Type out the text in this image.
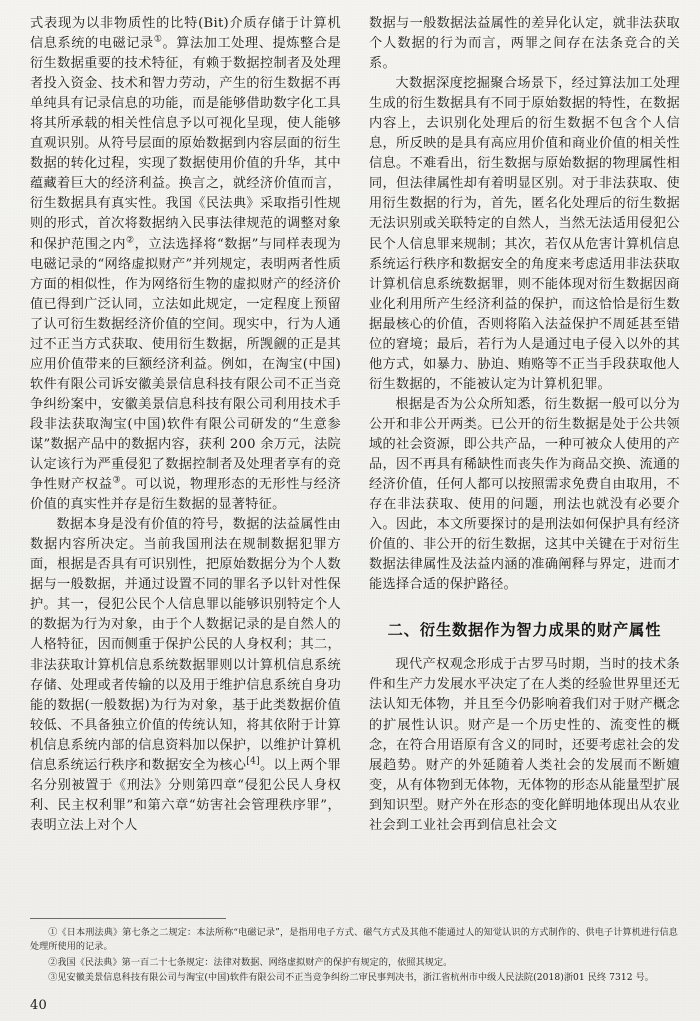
式表现为以非物质性的比特(Bit)介质存储于计算机信息系统的电磁记录①。算法加工处理、提炼整合是衍生数据重要的技术特征，有赖于数据控制者及处理者投入资金、技术和智力劳动，产生的衍生数据不再单纯具有记录信息的功能，而是能够借助数字化工具将其所承载的相关性信息予以可视化呈现，使人能够直观识别。从符号层面的原始数据到内容层面的衍生数据的转化过程，实现了数据使用价值的升华，其中蕴藏着巨大的经济利益。换言之，就经济价值而言，衍生数据具有真实性。我国《民法典》采取指引性规则的形式，首次将数据纳入民事法律规范的调整对象和保护范围之内②，立法选择将“数据”与同样表现为电磁记录的“网络虚拟财产”并列规定，表明两者性质方面的相似性，作为网络衍生物的虚拟财产的经济价值已得到广泛认同，立法如此规定，一定程度上预留了认可衍生数据经济价值的空间。现实中，行为人通过不正当方式获取、使用衍生数据，所觊觎的正是其应用价值带来的巨额经济利益。例如，在淘宝(中国)软件有限公司诉安徽美景信息科技有限公司不正当竞争纠纷案中，安徽美景信息科技有限公司利用技术手段非法获取淘宝(中国)软件有限公司研发的“生意参谋”数据产品中的数据内容，获利 200 余万元，法院认定该行为严重侵犯了数据控制者及处理者享有的竞争性财产权益③。可以说，物理形态的无形性与经济价值的真实性并存是衍生数据的显著特征。

数据本身是没有价值的符号，数据的法益属性由数据内容所决定。当前我国刑法在规制数据犯罪方面，根据是否具有可识别性，把原始数据分为个人数据与一般数据，并通过设置不同的罪名予以针对性保护。其一，侵犯公民个人信息罪以能够识别特定个人的数据为行为对象，由于个人数据记录的是自然人的人格特征，因而侧重于保护公民的人身权利；其二，非法获取计算机信息系统数据罪则以计算机信息系统存储、处理或者传输的以及用于维护信息系统自身功能的数据(一般数据)为行为对象，基于此类数据价值较低、不具备独立价值的传统认知，将其依附于计算机信息系统内部的信息资料加以保护，以维护计算机信息系统运行秩序和数据安全为核心[4]。以上两个罪名分别被置于《刑法》分则第四章“侵犯公民人身权利、民主权利罪”和第六章“妨害社会管理秩序罪”，表明立法上对个人

数据与一般数据法益属性的差异化认定，就非法获取个人数据的行为而言，两罪之间存在法条竞合的关系。

大数据深度挖掘聚合场景下，经过算法加工处理生成的衍生数据具有不同于原始数据的特性，在数据内容上，去识别化处理后的衍生数据不包含个人信息，所反映的是具有高应用价值和商业价值的相关性信息。不难看出，衍生数据与原始数据的物理属性相同，但法律属性却有着明显区别。对于非法获取、使用衍生数据的行为，首先，匿名化处理后的衍生数据无法识别或关联特定的自然人，当然无法适用侵犯公民个人信息罪来规制；其次，若仅从危害计算机信息系统运行秩序和数据安全的角度来考虑适用非法获取计算机信息系统数据罪，则不能体现对衍生数据因商业化利用所产生经济利益的保护，而这恰恰是衍生数据最核心的价值，否则将陷入法益保护不周延甚至错位的窘境；最后，若行为人是通过电子侵入以外的其他方式，如暴力、胁迫、贿赂等不正当手段获取他人衍生数据的，不能被认定为计算机犯罪。

根据是否为公众所知悉，衍生数据一般可以分为公开和非公开两类。已公开的衍生数据是处于公共领域的社会资源，即公共产品，一种可被众人使用的产品，因不再具有稀缺性而丧失作为商品交换、流通的经济价值，任何人都可以按照需求免费自由取用，不存在非法获取、使用的问题，刑法也就没有必要介入。因此，本文所要探讨的是刑法如何保护具有经济价值的、非公开的衍生数据，这其中关键在于对衍生数据法律属性及法益内涵的准确阐释与界定，进而才能选择合适的保护路径。

二、衍生数据作为智力成果的财产属性

现代产权观念形成于古罗马时期，当时的技术条件和生产力发展水平决定了在人类的经验世界里还无法认知无体物，并且至今仍影响着我们对于财产概念的扩展性认识。财产是一个历史性的、流变性的概念，在符合用语原有含义的同时，还要考虑社会的发展趋势。财产的外延随着人类社会的发展而不断嬗变，从有体物到无体物，无体物的形态从能量型扩展到知识型。财产外在形态的变化鲜明地体现出从农业社会到工业社会再到信息社会文

①《日本刑法典》第七条之二规定：本法所称“电磁记录”，是指用电子方式、磁气方式及其他不能通过人的知觉认识的方式制作的、供电子计算机进行信息处理所使用的记录。

②我国《民法典》第一百二十七条规定：法律对数据、网络虚拟财产的保护有规定的，依照其规定。

③见安徽美景信息科技有限公司与淘宝(中国)软件有限公司不正当竞争纠纷二审民事判决书，浙江省杭州市中级人民法院(2018)浙01 民终 7312 号。

40
